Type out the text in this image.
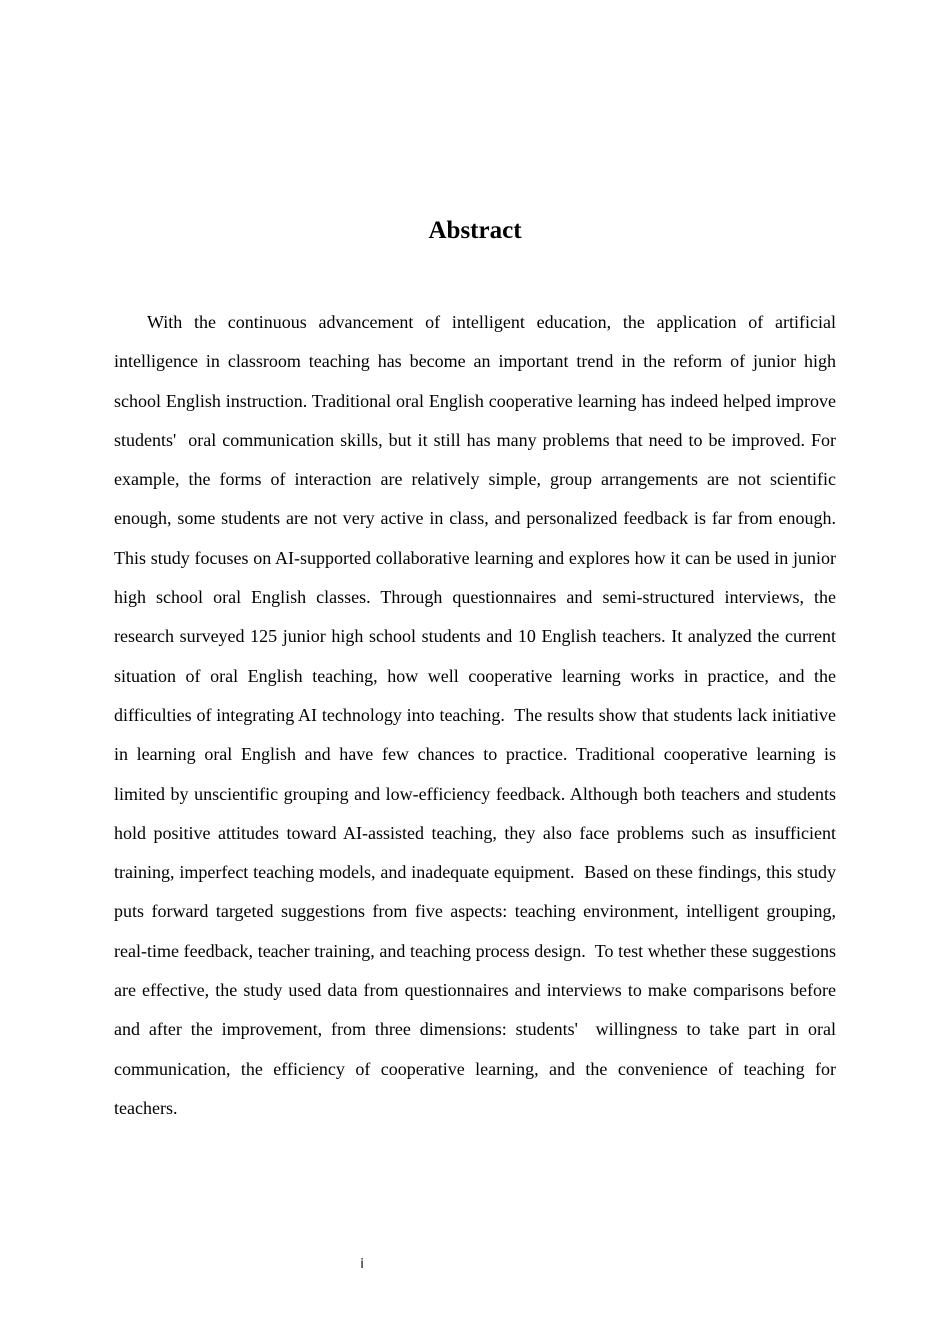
Abstract

With the continuous advancement of intelligent education, the application of artificial intelligence in classroom teaching has become an important trend in the reform of junior high school English instruction. Traditional oral English cooperative learning has indeed helped improve students'  oral communication skills, but it still has many problems that need to be improved. For example, the forms of interaction are relatively simple, group arrangements are not scientific enough, some students are not very active in class, and personalized feedback is far from enough.  This study focuses on AI-supported collaborative learning and explores how it can be used in junior high school oral English classes. Through questionnaires and semi-structured interviews, the research surveyed 125 junior high school students and 10 English teachers. It analyzed the current situation of oral English teaching, how well cooperative learning works in practice, and the difficulties of integrating AI technology into teaching.  The results show that students lack initiative in learning oral English and have few chances to practice. Traditional cooperative learning is limited by unscientific grouping and low-efficiency feedback. Although both teachers and students hold positive attitudes toward AI-assisted teaching, they also face problems such as insufficient training, imperfect teaching models, and inadequate equipment.  Based on these findings, this study puts forward targeted suggestions from five aspects: teaching environment, intelligent grouping, real-time feedback, teacher training, and teaching process design.  To test whether these suggestions are effective, the study used data from questionnaires and interviews to make comparisons before and after the improvement, from three dimensions: students'  willingness to take part in oral communication, the efficiency of cooperative learning, and the convenience of teaching for teachers.

i
